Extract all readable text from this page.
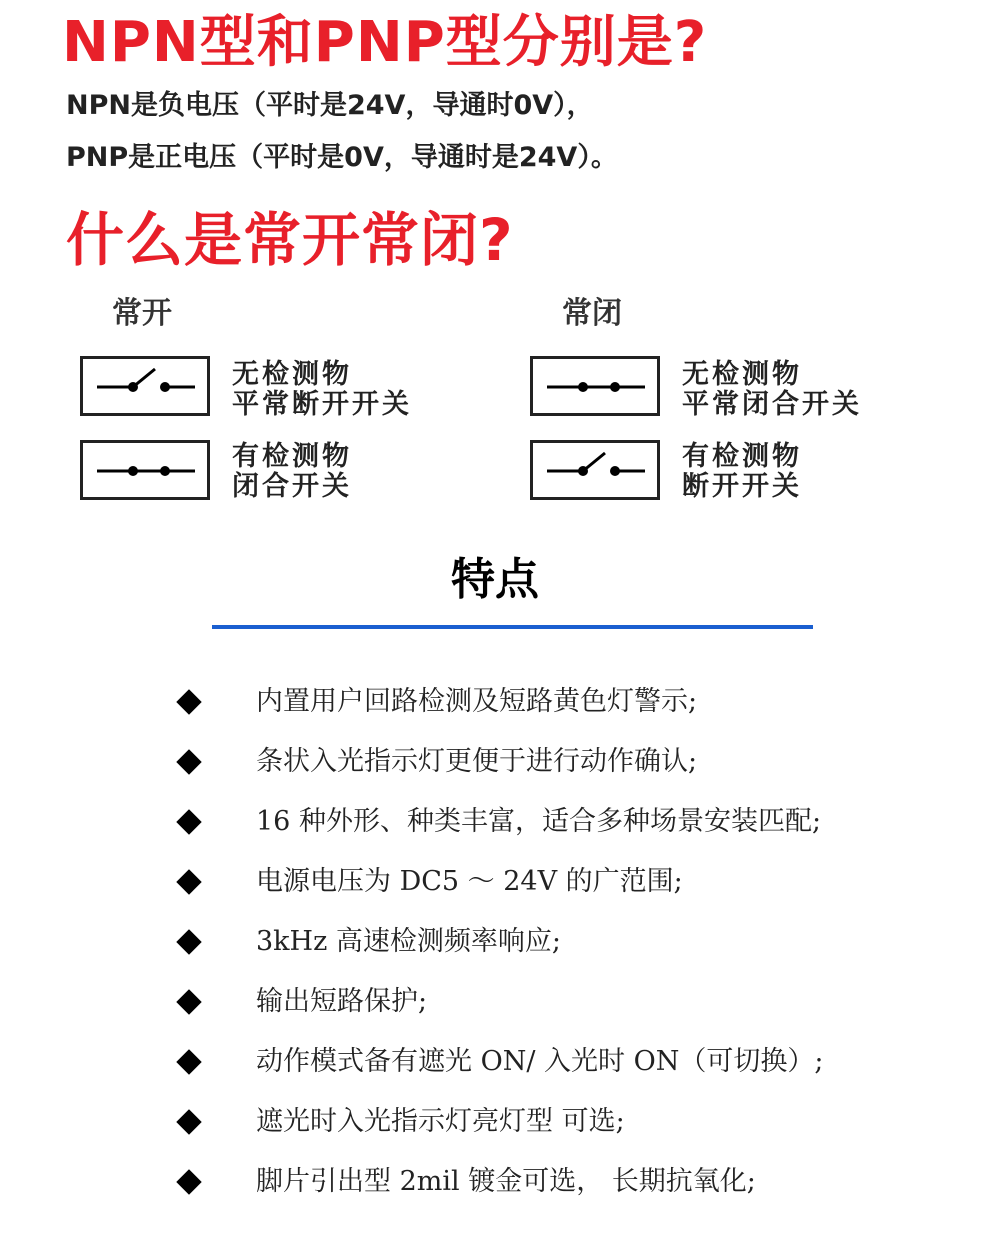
NPN型和PNP型分别是?
NPN是负电压（平时是24V，导通时0V），
PNP是正电压（平时是0V，导通时是24V）。
什么是常开常闭?
常开	常闭
无检测物
平常断开开关
有检测物
闭合开关
无检测物
平常闭合开关
有检测物
断开开关
特点
内置用户回路检测及短路黄色灯警示;
条状入光指示灯更便于进行动作确认;
16 种外形、种类丰富，适合多种场景安装匹配;
电源电压为 DC5 ～ 24V 的广范围;
3kHz 高速检测频率响应;
输出短路保护;
动作模式备有遮光 ON/ 入光时 ON（可切换）;
遮光时入光指示灯亮灯型 可选;
脚片引出型 2mil 镀金可选， 长期抗氧化;
